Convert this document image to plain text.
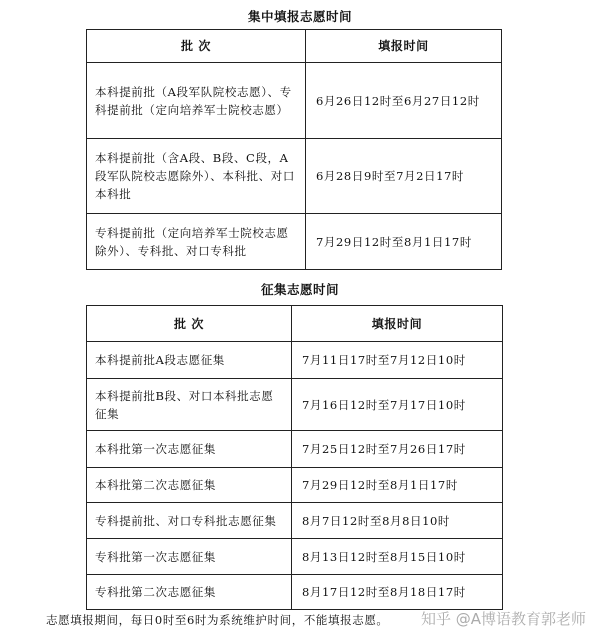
集中填报志愿时间
批 次	填报时间
本科提前批（A段军队院校志愿）、专科提前批（定向培养军士院校志愿）	6月26日12时至6月27日12时
本科提前批（含A段、B段、C段，A段军队院校志愿除外）、本科批、对口本科批	6月28日9时至7月2日17时
专科提前批（定向培养军士院校志愿除外）、专科批、对口专科批	7月29日12时至8月1日17时
征集志愿时间
批 次	填报时间
本科提前批A段志愿征集	7月11日17时至7月12日10时
本科提前批B段、对口本科批志愿征集	7月16日12时至7月17日10时
本科批第一次志愿征集	7月25日12时至7月26日17时
本科批第二次志愿征集	7月29日12时至8月1日17时
专科提前批、对口专科批志愿征集	8月7日12时至8月8日10时
专科批第一次志愿征集	8月13日12时至8月15日10时
专科批第二次志愿征集	8月17日12时至8月18日17时
志愿填报期间，每日0时至6时为系统维护时间，不能填报志愿。 知乎 @A博语教育郭老师
